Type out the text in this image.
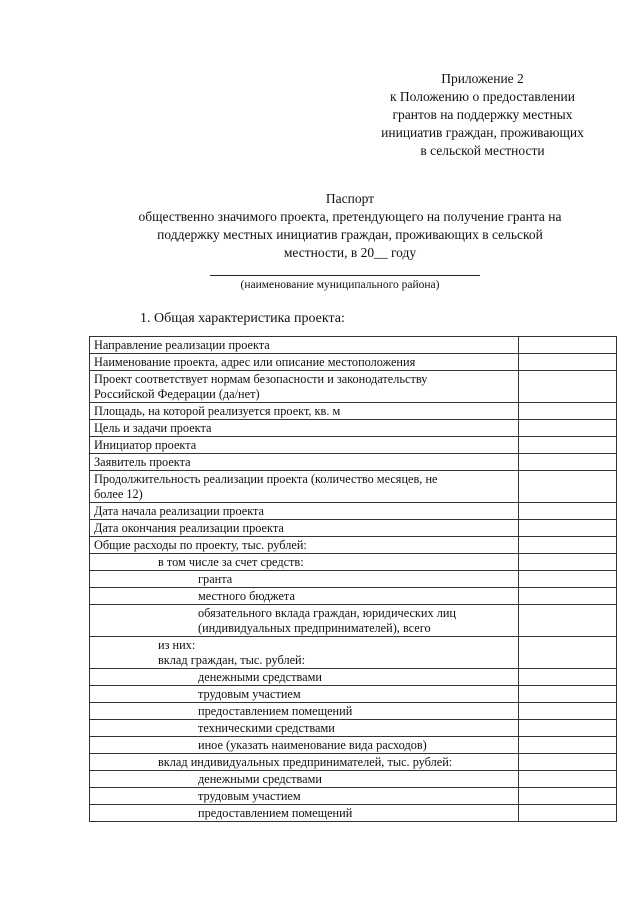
Приложение 2
к Положению о предоставлении
грантов на поддержку местных
инициатив граждан, проживающих
в сельской местности
Паспорт
общественно значимого проекта, претендующего на получение гранта на
поддержку местных инициатив граждан, проживающих в сельской
местности, в 20__ году
(наименование муниципального района)
1. Общая характеристика проекта:
Направление реализации проекта	
Наименование проекта, адрес или описание местоположения	

Проект соответствует нормам безопасности и законодательству
Российской Федерации (да/нет)	

Площадь, на которой реализуется проект, кв. м	
Цель и задачи проекта	
Инициатор проекта	
Заявитель проекта	

Продолжительность реализации проекта (количество месяцев, не
более 12)	

Дата начала реализации проекта	
Дата окончания реализации проекта	
Общие расходы по проекту, тыс. рублей:	
в том числе за счет средств:	
гранта	
местного бюджета	

обязательного вклада граждан, юридических лиц
(индивидуальных предпринимателей), всего	

из них:
вклад граждан, тыс. рублей:	

денежными средствами	
трудовым участием	
предоставлением помещений	
техническими средствами	
иное (указать наименование вида расходов)	
вклад индивидуальных предпринимателей, тыс. рублей:	
денежными средствами	
трудовым участием	
предоставлением помещений	
